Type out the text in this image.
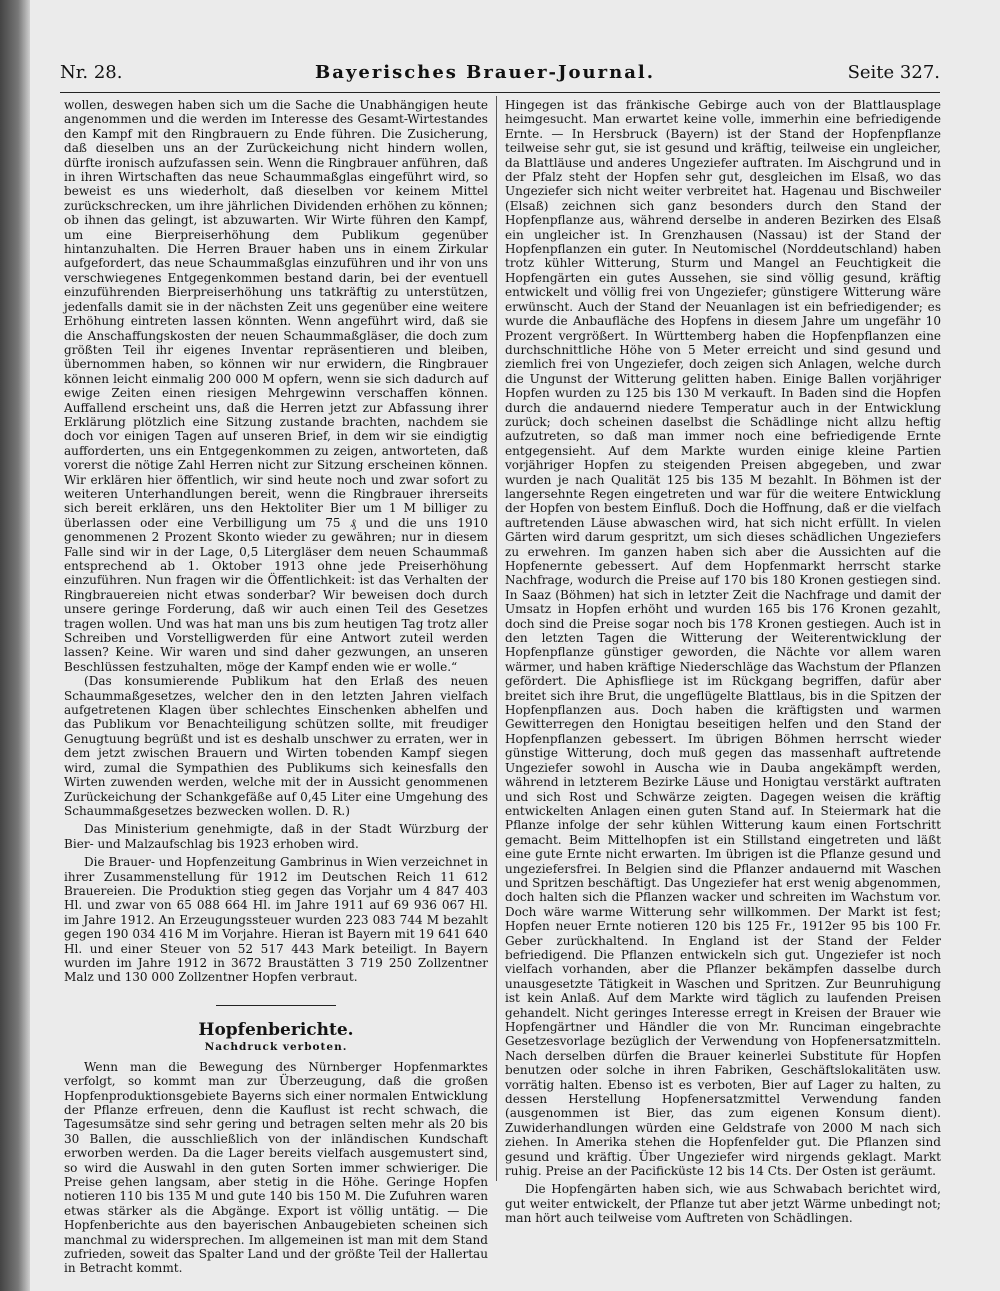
Nr. 28.	Bayerisches Brauer-Journal.	Seite 327.

wollen, deswegen haben sich um die Sache die Unabhängigen heute angenommen und die werden im Interesse des Gesamt-Wirtestandes den Kampf mit den Ringbrauern zu Ende führen. Die Zusicherung, daß dieselben uns an der Zurückeichung nicht hindern wollen, dürfte ironisch aufzufassen sein. Wenn die Ringbrauer anführen, daß in ihren Wirtschaften das neue Schaummaßglas eingeführt wird, so beweist es uns wiederholt, daß dieselben vor keinem Mittel zurückschrecken, um ihre jährlichen Dividenden erhöhen zu können; ob ihnen das gelingt, ist abzuwarten. Wir Wirte führen den Kampf, um eine Bierpreiserhöhung dem Publikum gegenüber hintanzuhalten. Die Herren Brauer haben uns in einem Zirkular aufgefordert, das neue Schaummaßglas einzuführen und ihr von uns verschwiegenes Entgegenkommen bestand darin, bei der eventuell einzuführenden Bierpreiserhöhung uns tatkräftig zu unterstützen, jedenfalls damit sie in der nächsten Zeit uns gegenüber eine weitere Erhöhung eintreten lassen könnten. Wenn angeführt wird, daß sie die Anschaffungskosten der neuen Schaummaßgläser, die doch zum größten Teil ihr eigenes Inventar repräsentieren und bleiben, übernommen haben, so können wir nur erwidern, die Ringbrauer können leicht einmalig 200 000 M opfern, wenn sie sich dadurch auf ewige Zeiten einen riesigen Mehrgewinn verschaffen können. Auffallend erscheint uns, daß die Herren jetzt zur Abfassung ihrer Erklärung plötzlich eine Sitzung zustande brachten, nachdem sie doch vor einigen Tagen auf unseren Brief, in dem wir sie eindigtig aufforderten, uns ein Entgegenkommen zu zeigen, antworteten, daß vorerst die nötige Zahl Herren nicht zur Sitzung erscheinen können. Wir erklären hier öffentlich, wir sind heute noch und zwar sofort zu weiteren Unterhandlungen bereit, wenn die Ringbrauer ihrerseits sich bereit erklären, uns den Hektoliter Bier um 1 M billiger zu überlassen oder eine Verbilligung um 75 ₰ und die uns 1910 genommenen 2 Prozent Skonto wieder zu gewähren; nur in diesem Falle sind wir in der Lage, 0,5 Litergläser dem neuen Schaummaß entsprechend ab 1. Oktober 1913 ohne jede Preiserhöhung einzuführen. Nun fragen wir die Öffentlichkeit: ist das Verhalten der Ringbrauereien nicht etwas sonderbar? Wir beweisen doch durch unsere geringe Forderung, daß wir auch einen Teil des Gesetzes tragen wollen. Und was hat man uns bis zum heutigen Tag trotz aller Schreiben und Vorstelligwerden für eine Antwort zuteil werden lassen? Keine. Wir waren und sind daher gezwungen, an unseren Beschlüssen festzuhalten, möge der Kampf enden wie er wolle.“

(Das konsumierende Publikum hat den Erlaß des neuen Schaummaßgesetzes, welcher den in den letzten Jahren vielfach aufgetretenen Klagen über schlechtes Einschenken abhelfen und das Publikum vor Benachteiligung schützen sollte, mit freudiger Genugtuung begrüßt und ist es deshalb unschwer zu erraten, wer in dem jetzt zwischen Brauern und Wirten tobenden Kampf siegen wird, zumal die Sympathien des Publikums sich keinesfalls den Wirten zuwenden werden, welche mit der in Aussicht genommenen Zurückeichung der Schankgefäße auf 0,45 Liter eine Umgehung des Schaummaßgesetzes bezwecken wollen. D. R.)

Das Ministerium genehmigte, daß in der Stadt Würzburg der Bier- und Malzaufschlag bis 1923 erhoben wird.

Die Brauer- und Hopfenzeitung Gambrinus in Wien verzeichnet in ihrer Zusammenstellung für 1912 im Deutschen Reich 11 612 Brauereien. Die Produktion stieg gegen das Vorjahr um 4 847 403 Hl. und zwar von 65 088 664 Hl. im Jahre 1911 auf 69 936 067 Hl. im Jahre 1912. An Erzeugungssteuer wurden 223 083 744 M bezahlt gegen 190 034 416 M im Vorjahre. Hieran ist Bayern mit 19 641 640 Hl. und einer Steuer von 52 517 443 Mark beteiligt. In Bayern wurden im Jahre 1912 in 3672 Braustätten 3 719 250 Zollzentner Malz und 130 000 Zollzentner Hopfen verbraut.

Hopfenberichte.
Nachdruck verboten.

Wenn man die Bewegung des Nürnberger Hopfenmarktes verfolgt, so kommt man zur Überzeugung, daß die großen Hopfenproduktionsgebiete Bayerns sich einer normalen Entwicklung der Pflanze erfreuen, denn die Kauflust ist recht schwach, die Tagesumsätze sind sehr gering und betragen selten mehr als 20 bis 30 Ballen, die ausschließlich von der inländischen Kundschaft erworben werden. Da die Lager bereits vielfach ausgemustert sind, so wird die Auswahl in den guten Sorten immer schwieriger. Die Preise gehen langsam, aber stetig in die Höhe. Geringe Hopfen notieren 110 bis 135 M und gute 140 bis 150 M. Die Zufuhren waren etwas stärker als die Abgänge. Export ist völlig untätig. — Die Hopfenberichte aus den bayerischen Anbaugebieten scheinen sich manchmal zu widersprechen. Im allgemeinen ist man mit dem Stand zufrieden, soweit das Spalter Land und der größte Teil der Hallertau in Betracht kommt.

Hingegen ist das fränkische Gebirge auch von der Blattlausplage heimgesucht. Man erwartet keine volle, immerhin eine befriedigende Ernte. — In Hersbruck (Bayern) ist der Stand der Hopfenpflanze teilweise sehr gut, sie ist gesund und kräftig, teilweise ein ungleicher, da Blattläuse und anderes Ungeziefer auftraten. Im Aischgrund und in der Pfalz steht der Hopfen sehr gut, desgleichen im Elsaß, wo das Ungeziefer sich nicht weiter verbreitet hat. Hagenau und Bischweiler (Elsaß) zeichnen sich ganz besonders durch den Stand der Hopfenpflanze aus, während derselbe in anderen Bezirken des Elsaß ein ungleicher ist. In Grenzhausen (Nassau) ist der Stand der Hopfenpflanzen ein guter. In Neutomischel (Norddeutschland) haben trotz kühler Witterung, Sturm und Mangel an Feuchtigkeit die Hopfengärten ein gutes Aussehen, sie sind völlig gesund, kräftig entwickelt und völlig frei von Ungeziefer; günstigere Witterung wäre erwünscht. Auch der Stand der Neuanlagen ist ein befriedigender; es wurde die Anbaufläche des Hopfens in diesem Jahre um ungefähr 10 Prozent vergrößert. In Württemberg haben die Hopfenpflanzen eine durchschnittliche Höhe von 5 Meter erreicht und sind gesund und ziemlich frei von Ungeziefer, doch zeigen sich Anlagen, welche durch die Ungunst der Witterung gelitten haben. Einige Ballen vorjähriger Hopfen wurden zu 125 bis 130 M verkauft. In Baden sind die Hopfen durch die andauernd niedere Temperatur auch in der Entwicklung zurück; doch scheinen daselbst die Schädlinge nicht allzu heftig aufzutreten, so daß man immer noch eine befriedigende Ernte entgegensieht. Auf dem Markte wurden einige kleine Partien vorjähriger Hopfen zu steigenden Preisen abgegeben, und zwar wurden je nach Qualität 125 bis 135 M bezahlt. In Böhmen ist der langersehnte Regen eingetreten und war für die weitere Entwicklung der Hopfen von bestem Einfluß. Doch die Hoffnung, daß er die vielfach auftretenden Läuse abwaschen wird, hat sich nicht erfüllt. In vielen Gärten wird darum gespritzt, um sich dieses schädlichen Ungeziefers zu erwehren. Im ganzen haben sich aber die Aussichten auf die Hopfenernte gebessert. Auf dem Hopfenmarkt herrscht starke Nachfrage, wodurch die Preise auf 170 bis 180 Kronen gestiegen sind. In Saaz (Böhmen) hat sich in letzter Zeit die Nachfrage und damit der Umsatz in Hopfen erhöht und wurden 165 bis 176 Kronen gezahlt, doch sind die Preise sogar noch bis 178 Kronen gestiegen. Auch ist in den letzten Tagen die Witterung der Weiterentwicklung der Hopfenpflanze günstiger geworden, die Nächte vor allem waren wärmer, und haben kräftige Niederschläge das Wachstum der Pflanzen gefördert. Die Aphisfliege ist im Rückgang begriffen, dafür aber breitet sich ihre Brut, die ungeflügelte Blattlaus, bis in die Spitzen der Hopfenpflanzen aus. Doch haben die kräftigsten und warmen Gewitterregen den Honigtau beseitigen helfen und den Stand der Hopfenpflanzen gebessert. Im übrigen Böhmen herrscht wieder günstige Witterung, doch muß gegen das massenhaft auftretende Ungeziefer sowohl in Auscha wie in Dauba angekämpft werden, während in letzterem Bezirke Läuse und Honigtau verstärkt auftraten und sich Rost und Schwärze zeigten. Dagegen weisen die kräftig entwickelten Anlagen einen guten Stand auf. In Steiermark hat die Pflanze infolge der sehr kühlen Witterung kaum einen Fortschritt gemacht. Beim Mittelhopfen ist ein Stillstand eingetreten und läßt eine gute Ernte nicht erwarten. Im übrigen ist die Pflanze gesund und ungeziefersfrei. In Belgien sind die Pflanzer andauernd mit Waschen und Spritzen beschäftigt. Das Ungeziefer hat erst wenig abgenommen, doch halten sich die Pflanzen wacker und schreiten im Wachstum vor. Doch wäre warme Witterung sehr willkommen. Der Markt ist fest; Hopfen neuer Ernte notieren 120 bis 125 Fr., 1912er 95 bis 100 Fr. Geber zurückhaltend. In England ist der Stand der Felder befriedigend. Die Pflanzen entwickeln sich gut. Ungeziefer ist noch vielfach vorhanden, aber die Pflanzer bekämpfen dasselbe durch unausgesetzte Tätigkeit in Waschen und Spritzen. Zur Beunruhigung ist kein Anlaß. Auf dem Markte wird täglich zu laufenden Preisen gehandelt. Nicht geringes Interesse erregt in Kreisen der Brauer wie Hopfengärtner und Händler die von Mr. Runciman eingebrachte Gesetzesvorlage bezüglich der Verwendung von Hopfenersatzmitteln. Nach derselben dürfen die Brauer keinerlei Substitute für Hopfen benutzen oder solche in ihren Fabriken, Geschäftslokalitäten usw. vorrätig halten. Ebenso ist es verboten, Bier auf Lager zu halten, zu dessen Herstellung Hopfenersatzmittel Verwendung fanden (ausgenommen ist Bier, das zum eigenen Konsum dient). Zuwiderhandlungen würden eine Geldstrafe von 2000 M nach sich ziehen. In Amerika stehen die Hopfenfelder gut. Die Pflanzen sind gesund und kräftig. Über Ungeziefer wird nirgends geklagt. Markt ruhig. Preise an der Pacificküste 12 bis 14 Cts. Der Osten ist geräumt.

Die Hopfengärten haben sich, wie aus Schwabach berichtet wird, gut weiter entwickelt, der Pflanze tut aber jetzt Wärme unbedingt not; man hört auch teilweise vom Auftreten von Schädlingen.
